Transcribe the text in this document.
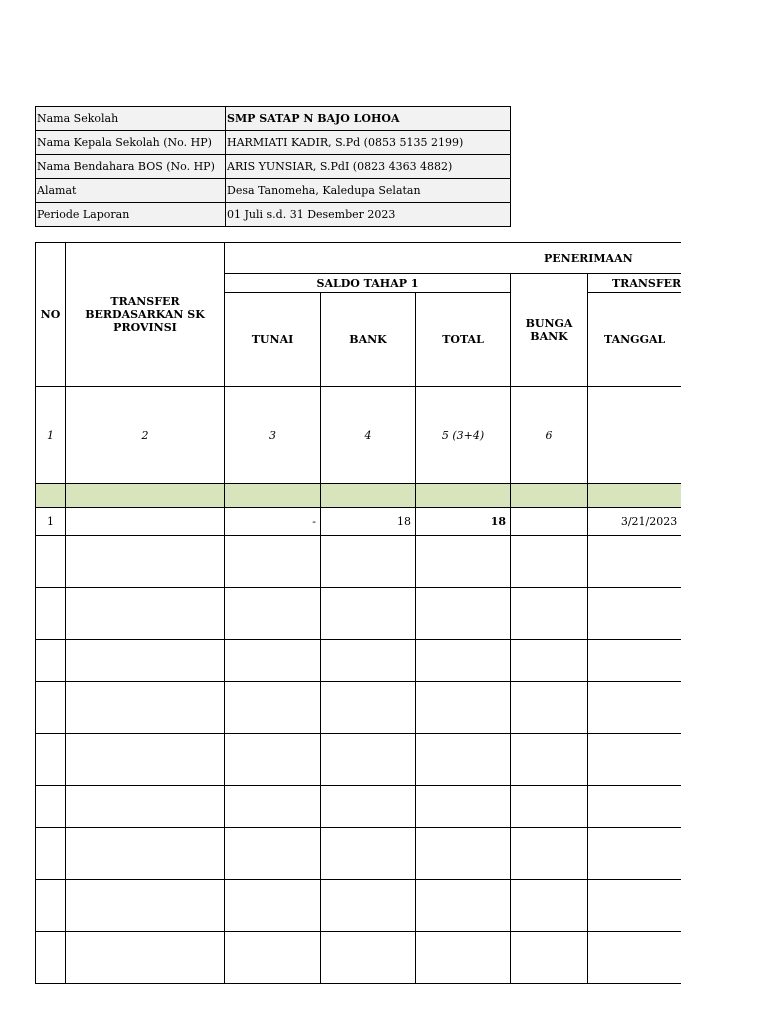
Nama Sekolah	SMP SATAP N BAJO LOHOA
Nama Kepala Sekolah (No. HP)	HARMIATI KADIR, S.Pd (0853 5135 2199)
Nama Bendahara BOS (No. HP)	ARIS YUNSIAR, S.PdI (0823 4363 4882)
Alamat	Desa Tanomeha, Kaledupa Selatan
Periode Laporan	01 Juli s.d. 31 Desember 2023
NO	TRANSFER BERDASARKAN SK PROVINSI	PENERIMAAN				
		SALDO TAHAP 1			BUNGA BANK	TRANSFER
		TUNAI	BANK	TOTAL		TANGGAL
1	2	3	4	5 (3+4)	6	

1		-	18	18		3/21/2023
